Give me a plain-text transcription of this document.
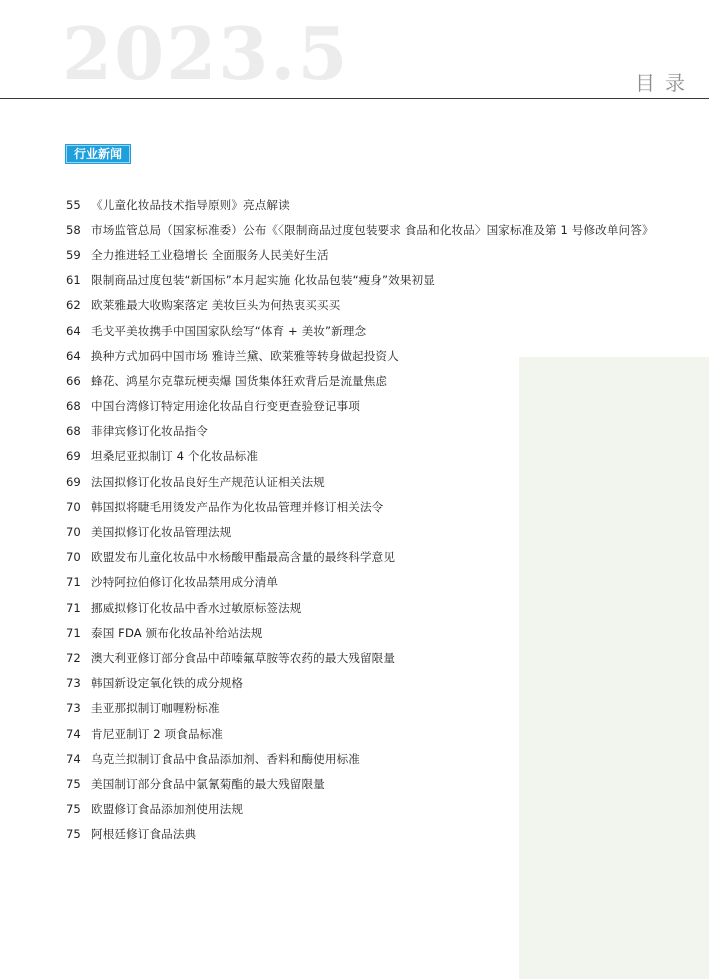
2023.5	目录
行业新闻
55 《儿童化妆品技术指导原则》亮点解读
58 市场监管总局（国家标准委）公布《〈限制商品过度包装要求 食品和化妆品〉国家标准及第 1 号修改单问答》
59 全力推进轻工业稳增长 全面服务人民美好生活
61 限制商品过度包装“新国标”本月起实施 化妆品包装“瘦身”效果初显
62 欧莱雅最大收购案落定 美妆巨头为何热衷买买买
64 毛戈平美妆携手中国国家队绘写“体育 + 美妆”新理念
64 换种方式加码中国市场 雅诗兰黛、欧莱雅等转身做起投资人
66 蜂花、鸿星尔克靠玩梗卖爆 国货集体狂欢背后是流量焦虑
68 中国台湾修订特定用途化妆品自行变更查验登记事项
68 菲律宾修订化妆品指令
69 坦桑尼亚拟制订 4 个化妆品标准
69 法国拟修订化妆品良好生产规范认证相关法规
70 韩国拟将睫毛用烫发产品作为化妆品管理并修订相关法令
70 美国拟修订化妆品管理法规
70 欧盟发布儿童化妆品中水杨酸甲酯最高含量的最终科学意见
71 沙特阿拉伯修订化妆品禁用成分清单
71 挪威拟修订化妆品中香水过敏原标签法规
71 泰国 FDA 颁布化妆品补给站法规
72 澳大利亚修订部分食品中茚嗪氟草胺等农药的最大残留限量
73 韩国新设定氧化铁的成分规格
73 圭亚那拟制订咖喱粉标准
74 肯尼亚制订 2 项食品标准
74 乌克兰拟制订食品中食品添加剂、香料和酶使用标准
75 美国制订部分食品中氯氰菊酯的最大残留限量
75 欧盟修订食品添加剂使用法规
75 阿根廷修订食品法典
